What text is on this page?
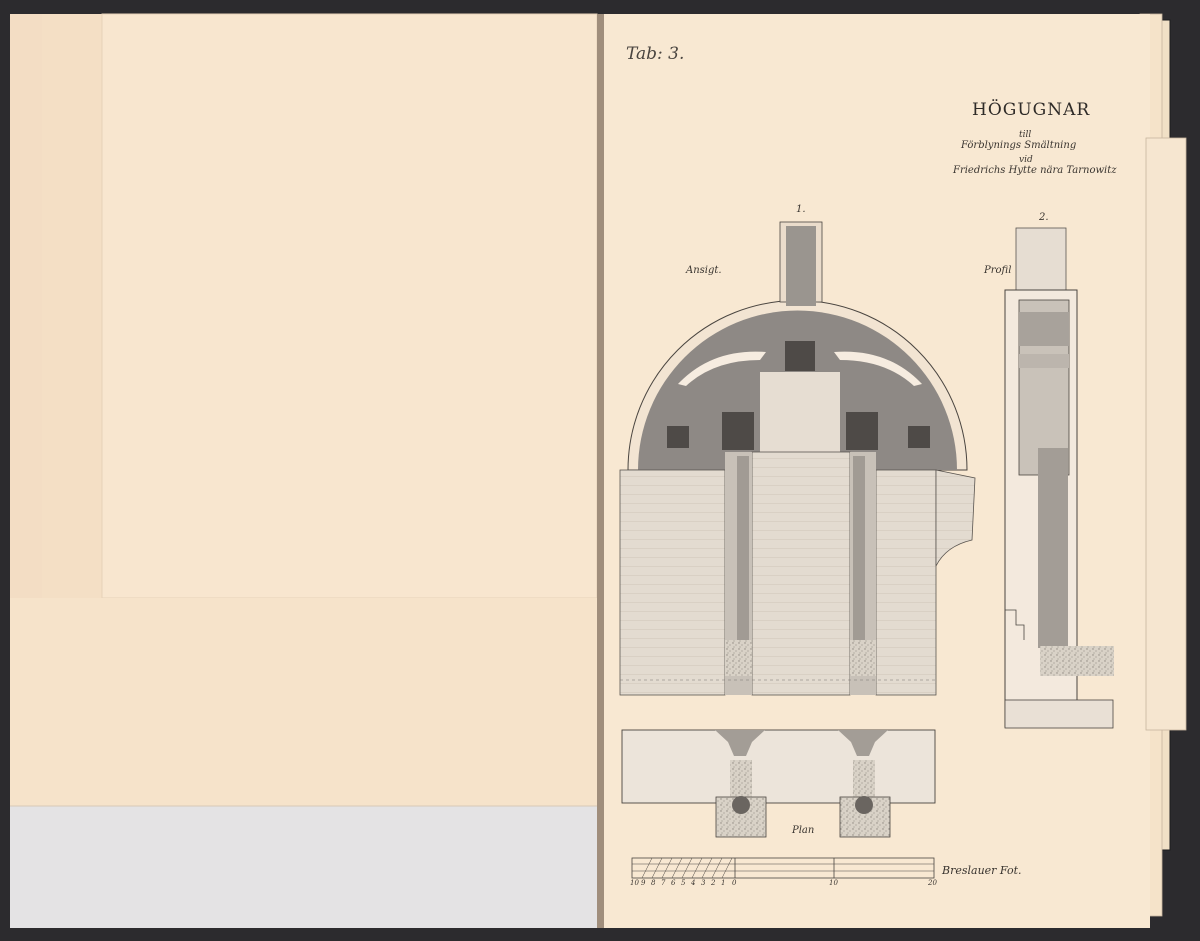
Tab: 3.
HÖGUGNAR
till
Förblynings Smältning
vid
Friedrichs Hytte nära Tarnowitz
1.
2.
Ansigt.	Profil
Plan
Breslauer Fot.
10 9 8 7 6 5 4 3 2 1 0	10	20
